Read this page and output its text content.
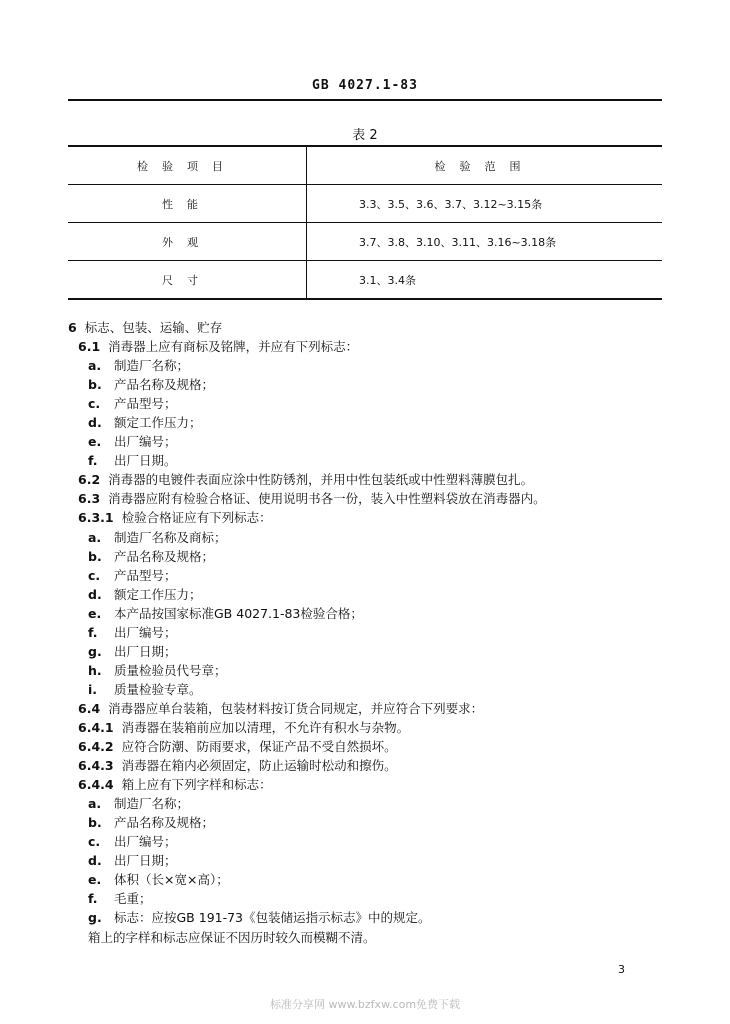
GB 4027.1-83
表 2
检验项目	检验范围
性能	3.3、3.5、3.6、3.7、3.12~3.15条
外观	3.7、3.8、3.10、3.11、3.16~3.18条
尺寸	3.1、3.4条
6 标志、包装、运输、贮存
6.1 消毒器上应有商标及铭牌，并应有下列标志：
a. 制造厂名称；
b. 产品名称及规格；
c. 产品型号；
d. 额定工作压力；
e. 出厂编号；
f. 出厂日期。
6.2 消毒器的电镀件表面应涂中性防锈剂，并用中性包装纸或中性塑料薄膜包扎。
6.3 消毒器应附有检验合格证、使用说明书各一份，装入中性塑料袋放在消毒器内。
6.3.1 检验合格证应有下列标志：
a. 制造厂名称及商标；
b. 产品名称及规格；
c. 产品型号；
d. 额定工作压力；
e. 本产品按国家标准GB 4027.1-83检验合格；
f. 出厂编号；
g. 出厂日期；
h. 质量检验员代号章；
i. 质量检验专章。
6.4 消毒器应单台装箱，包装材料按订货合同规定，并应符合下列要求：
6.4.1 消毒器在装箱前应加以清理，不允许有积水与杂物。
6.4.2 应符合防潮、防雨要求，保证产品不受自然损坏。
6.4.3 消毒器在箱内必须固定，防止运输时松动和擦伤。
6.4.4 箱上应有下列字样和标志：
a. 制造厂名称；
b. 产品名称及规格；
c. 出厂编号；
d. 出厂日期；
e. 体积（长×宽×高）；
f. 毛重；
g. 标志：应按GB 191-73《包装储运指示标志》中的规定。
箱上的字样和标志应保证不因历时较久而模糊不清。
3
标准分享网 www.bzfxw.com免费下载
